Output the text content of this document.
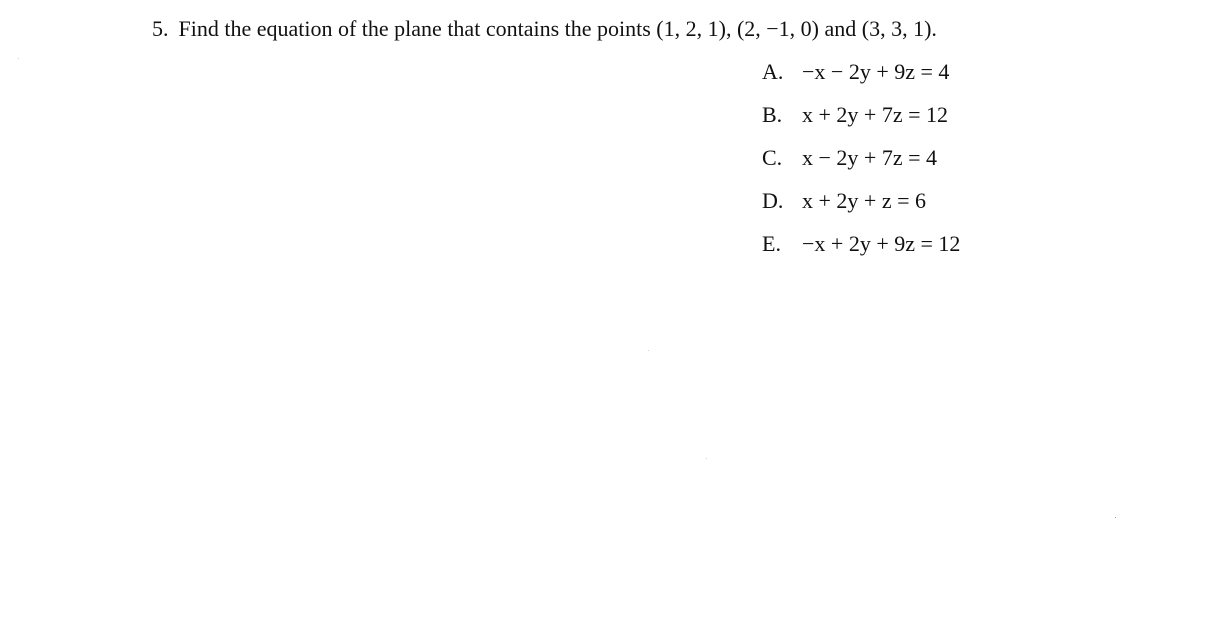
5. Find the equation of the plane that contains the points (1, 2, 1), (2, −1, 0) and (3, 3, 1).
A. −x − 2y + 9z = 4
B. x + 2y + 7z = 12
C. x − 2y + 7z = 4
D. x + 2y + z = 6
E. −x + 2y + 9z = 12
